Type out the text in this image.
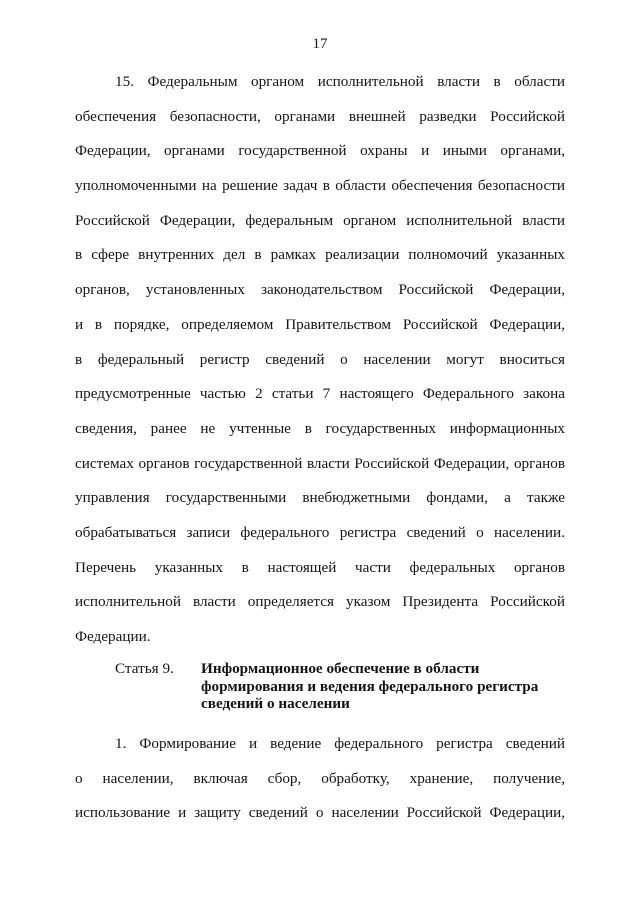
17
15. Федеральным органом исполнительной власти в области
обеспечения безопасности, органами внешней разведки Российской
Федерации, органами государственной охраны и иными органами,
уполномоченными на решение задач в области обеспечения безопасности
Российской Федерации, федеральным органом исполнительной власти
в сфере внутренних дел в рамках реализации полномочий указанных
органов, установленных законодательством Российской Федерации,
и в порядке, определяемом Правительством Российской Федерации,
в федеральный регистр сведений о населении могут вноситься
предусмотренные частью 2 статьи 7 настоящего Федерального закона
сведения, ранее не учтенные в государственных информационных
системах органов государственной власти Российской Федерации, органов
управления государственными внебюджетными фондами, а также
обрабатываться записи федерального регистра сведений о населении.
Перечень указанных в настоящей части федеральных органов
исполнительной власти определяется указом Президента Российской
Федерации.
Статья 9. Информационное обеспечение в области
формирования и ведения федерального регистра
сведений о населении
1. Формирование и ведение федерального регистра сведений
о населении, включая сбор, обработку, хранение, получение,
использование и защиту сведений о населении Российской Федерации,
